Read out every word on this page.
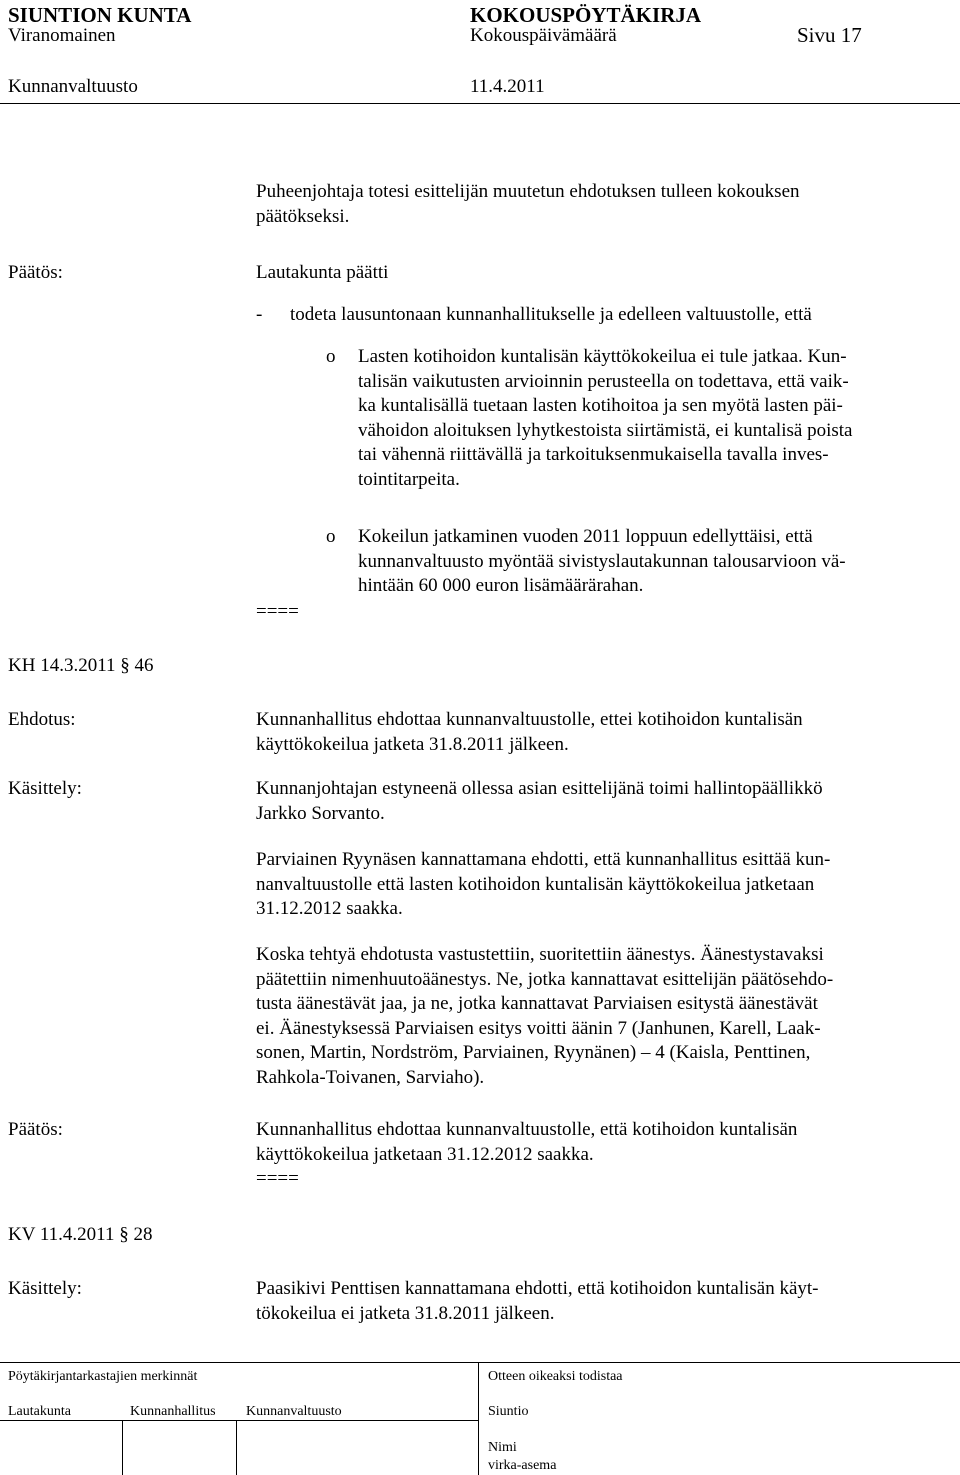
SIUNTION KUNTA	KOKOUSPÖYTÄKIRJA
Viranomainen	Kokouspäivämäärä	Sivu 17
Kunnanvaltuusto	11.4.2011
Puheenjohtaja totesi esittelijän muutetun ehdotuksen tulleen kokouksen
päätökseksi.
Päätös:	Lautakunta päätti
- todeta lausuntonaan kunnanhallitukselle ja edelleen valtuustolle, että
o Lasten kotihoidon kuntalisän käyttökokeilua ei tule jatkaa. Kun-
talisän vaikutusten arvioinnin perusteella on todettava, että vaik-
ka kuntalisällä tuetaan lasten kotihoitoa ja sen myötä lasten päi-
vähoidon aloituksen lyhytkestoista siirtämistä, ei kuntalisä poista
tai vähennä riittävällä ja tarkoituksenmukaisella tavalla inves-
tointitarpeita.
o Kokeilun jatkaminen vuoden 2011 loppuun edellyttäisi, että
kunnanvaltuusto myöntää sivistyslautakunnan talousarvioon vä-
hintään 60 000 euron lisämäärärahan.
====
KH 14.3.2011 § 46
Ehdotus:	Kunnanhallitus ehdottaa kunnanvaltuustolle, ettei kotihoidon kuntalisän
käyttökokeilua jatketa 31.8.2011 jälkeen.
Käsittely:	Kunnanjohtajan estyneenä ollessa asian esittelijänä toimi hallintopäällikkö
Jarkko Sorvanto.
Parviainen Ryynäsen kannattamana ehdotti, että kunnanhallitus esittää kun-
nanvaltuustolle että lasten kotihoidon kuntalisän käyttökokeilua jatketaan
31.12.2012 saakka.
Koska tehtyä ehdotusta vastustettiin, suoritettiin äänestys. Äänestystavaksi
päätettiin nimenhuutoäänestys. Ne, jotka kannattavat esittelijän päätösehdo-
tusta äänestävät jaa, ja ne, jotka kannattavat Parviaisen esitystä äänestävät
ei. Äänestyksessä Parviaisen esitys voitti äänin 7 (Janhunen, Karell, Laak-
sonen, Martin, Nordström, Parviainen, Ryynänen) – 4 (Kaisla, Penttinen,
Rahkola-Toivanen, Sarviaho).
Päätös:	Kunnanhallitus ehdottaa kunnanvaltuustolle, että kotihoidon kuntalisän
käyttökokeilua jatketaan 31.12.2012 saakka.
====
KV 11.4.2011 § 28
Käsittely:	Paasikivi Penttisen kannattamana ehdotti, että kotihoidon kuntalisän käyt-
tökokeilua ei jatketa 31.8.2011 jälkeen.
Pöytäkirjantarkastajien merkinnät
Lautakunta	Kunnanhallitus Kunnanvaltuusto
Otteen oikeaksi todistaa
Siuntio
Nimi
virka-asema
